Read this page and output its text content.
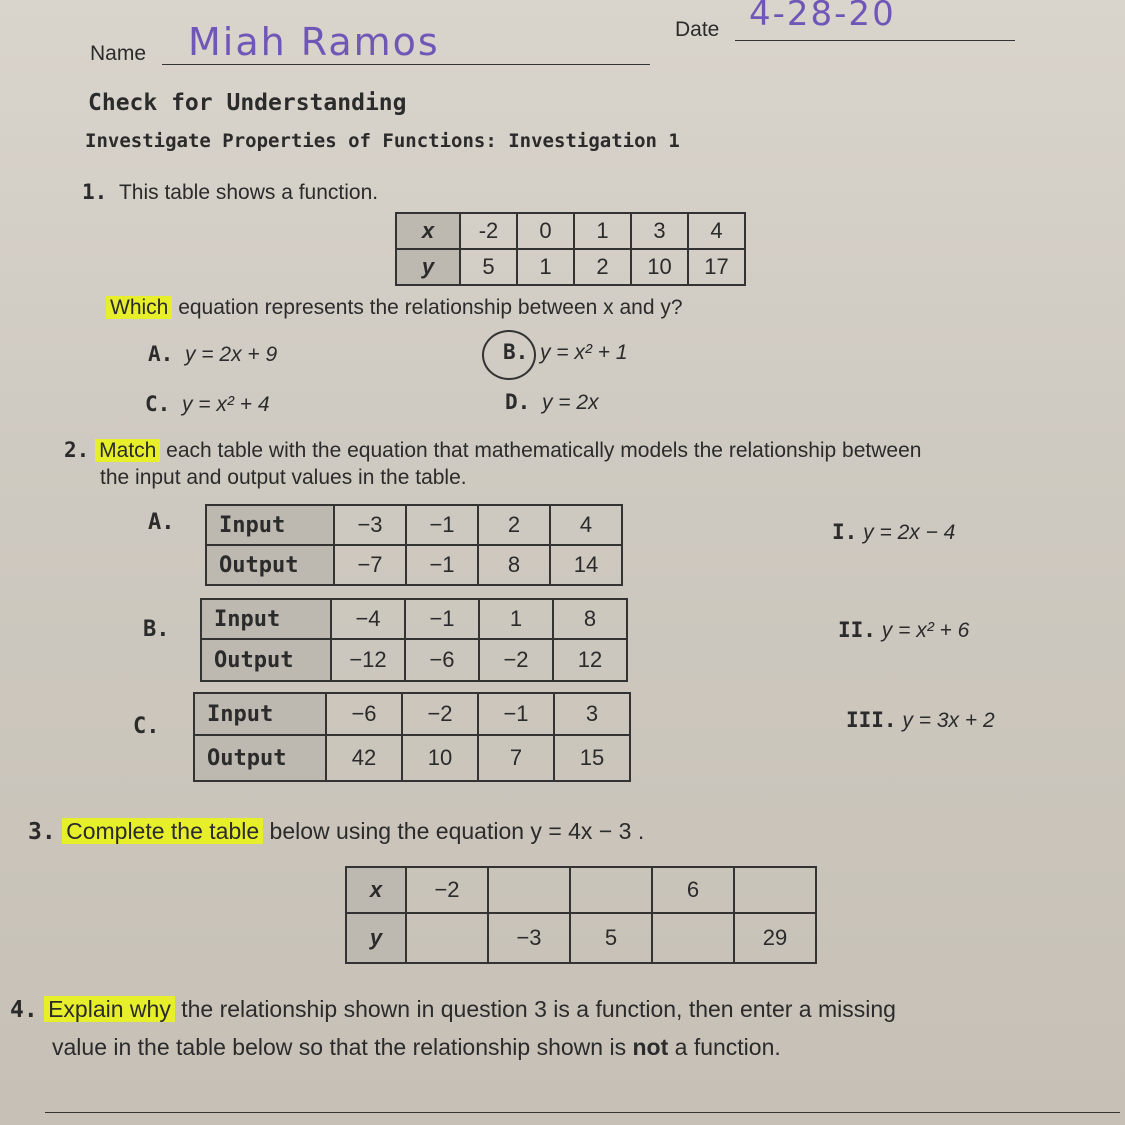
Name Miah Ramos	Date 4-28-20
Check for Understanding
Investigate Properties of Functions: Investigation 1
1. This table shows a function.
x	-2	0	1	3	4
y	5	1	2	10	17
Which equation represents the relationship between x and y?
A. y = 2x + 9	B. y = x² + 1
C. y = x² + 4	D. y = 2x
2. Match each table with the equation that mathematically models the relationship between
the input and output values in the table.
A. Input	−3	−1	2	4
Output	−7	−1	8	14
B. Input	−4	−1	1	8
Output	−12	−6	−2	12
C. Input	−6	−2	−1	3
Output	42	10	7	15
I. y = 2x − 4
II. y = x² + 6
III. y = 3x + 2
3. Complete the table below using the equation y = 4x − 3 .
x	−2			6	
y		−3	5		29
4. Explain why the relationship shown in question 3 is a function, then enter a missing
value in the table below so that the relationship shown is not a function.
